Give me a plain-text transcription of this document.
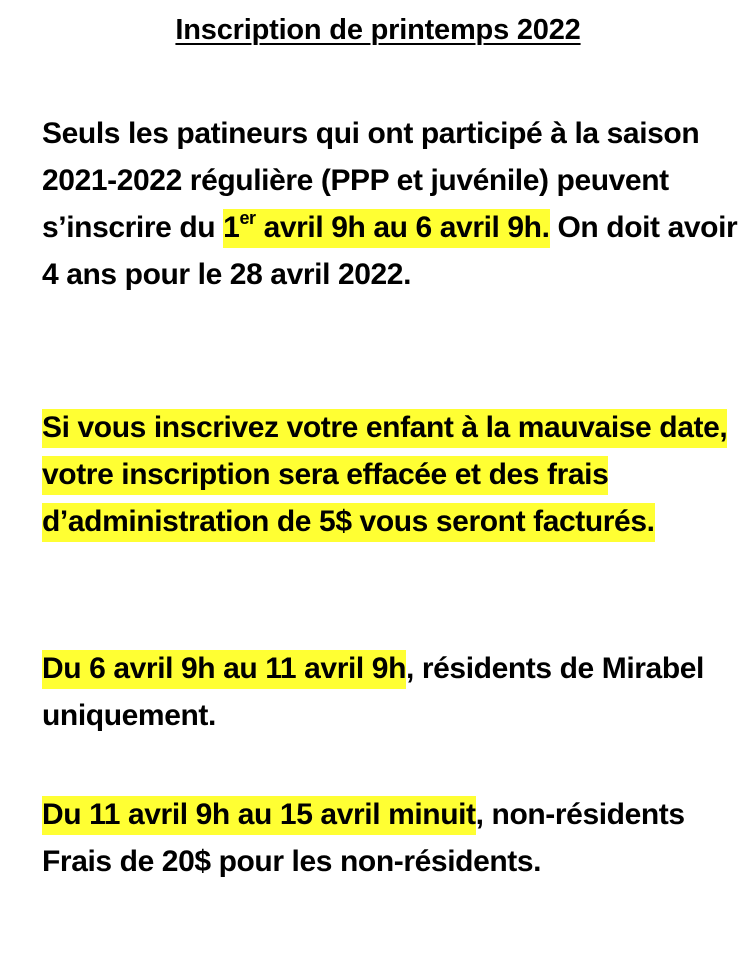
Inscription de printemps 2022
Seuls les patineurs qui ont participé à la saison 2021-2022 régulière (PPP et juvénile) peuvent s’inscrire du 1er avril 9h au 6 avril 9h. On doit avoir 4 ans pour le 28 avril 2022.
Si vous inscrivez votre enfant à la mauvaise date, votre inscription sera effacée et des frais d’administration de 5$ vous seront facturés.
Du 6 avril 9h au 11 avril 9h, résidents de Mirabel uniquement.
Du 11 avril 9h au 15 avril minuit, non-résidents
Frais de 20$ pour les non-résidents.
